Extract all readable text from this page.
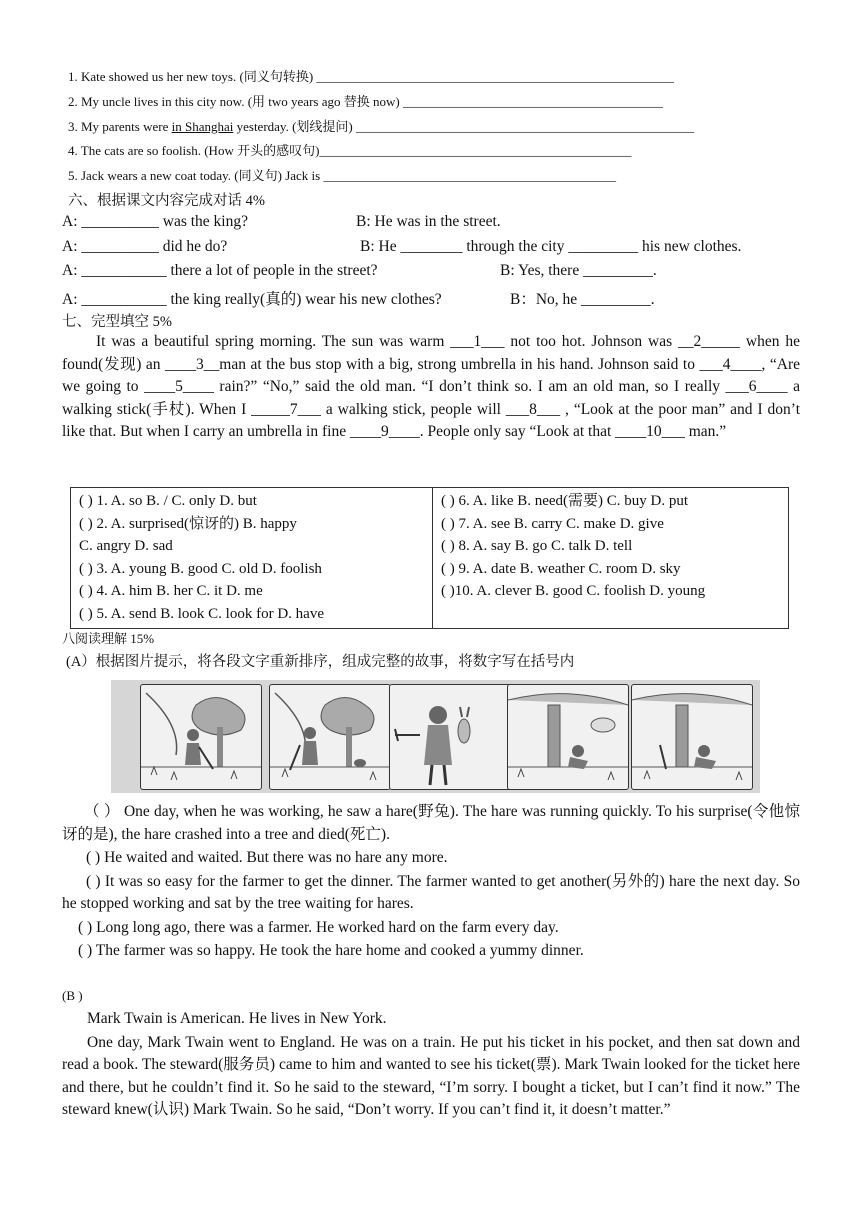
1. Kate showed us her new toys. (同义句转换) _______________________________________________________
2. My uncle lives in this city now. (用 two years ago 替换 now) ________________________________________
3. My parents were in Shanghai yesterday. (划线提问) ____________________________________________________
4. The cats are so foolish. (How 开头的感叹句)________________________________________________
5. Jack wears a new coat today. (同义句) Jack is _____________________________________________
六、根据课文内容完成对话 4%
A: __________ was the king?	B: He was in the street.
A: __________ did he do?	B: He ________ through the city _________ his new clothes.
A: ___________ there a lot of people in the street?	B: Yes, there _________.
A: ___________ the king really(真的) wear his new clothes?	B：No, he _________.
七、完型填空 5%
It was a beautiful spring morning. The sun was warm ___1___ not too hot. Johnson was __2_____ when he found(发现) an ____3__man at the bus stop with a big, strong umbrella in his hand. Johnson said to ___4____, “Are we going to ____5____ rain?” “No,” said the old man. “I don’t think so. I am an old man, so I really ___6____ a walking stick(手杖). When I _____7___ a walking stick, people will ___8___ , “Look at the poor man” and I don’t like that. But when I carry an umbrella in fine ____9____. People only say “Look at that ____10___ man.”
( ) 1. A. so B. / C. only D. but
( ) 2. A. surprised(惊讶的) B. happy
C. angry D. sad
( ) 3. A. young B. good C. old D. foolish
( ) 4. A. him B. her C. it D. me
( ) 5. A. send B. look C. look for D. have

( ) 6. A. like B. need(需要) C. buy D. put
( ) 7. A. see B. carry C. make D. give
( ) 8. A. say B. go C. talk D. tell
( ) 9. A. date B. weather C. room D. sky
( )10. A. clever B. good C. foolish D. young
八阅读理解 15%
(A）根据图片提示，将各段文字重新排序，组成完整的故事，将数字写在括号内

（ ） One day, when he was working, he saw a hare(野兔). The hare was running quickly. To his surprise(令他惊讶的是), the hare crashed into a tree and died(死亡).

( ) He waited and waited. But there was no hare any more.

( ) It was so easy for the farmer to get the dinner. The farmer wanted to get another(另外的) hare the next day. So he stopped working and sat by the tree waiting for hares.

( ) Long long ago, there was a farmer. He worked hard on the farm every day.

( ) The farmer was so happy. He took the hare home and cooked a yummy dinner.

(B )

Mark Twain is American. He lives in New York.

One day, Mark Twain went to England. He was on a train. He put his ticket in his pocket, and then sat down and read a book. The steward(服务员) came to him and wanted to see his ticket(票). Mark Twain looked for the ticket here and there, but he couldn’t find it. So he said to the steward, “I’m sorry. I bought a ticket, but I can’t find it now.” The steward knew(认识) Mark Twain. So he said, “Don’t worry. If you can’t find it, it doesn’t matter.”
